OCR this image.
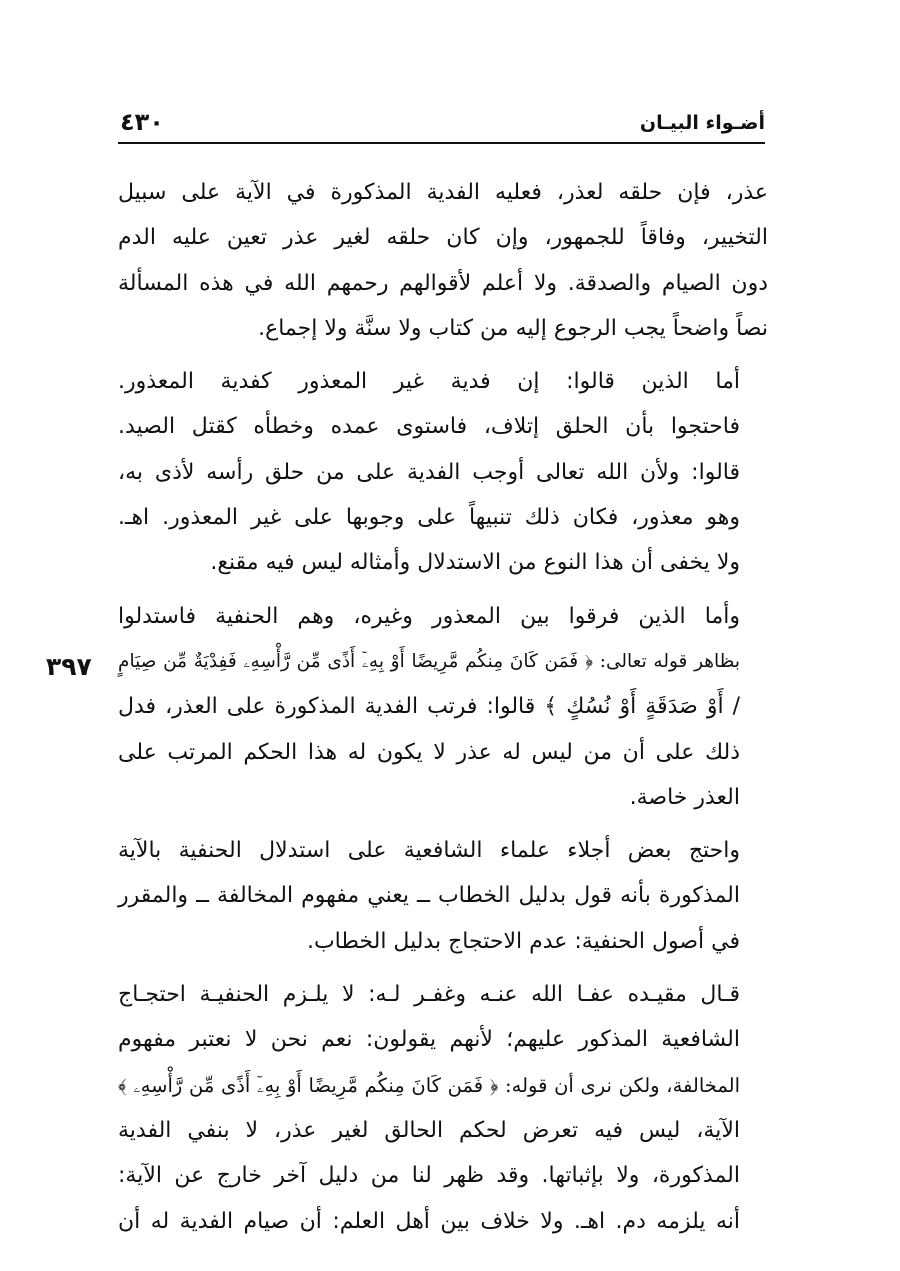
أضـواء البيـان
٤٣٠
٣٩٧

عذر، فإن حلقه لعذر، فعليه الفدية المذكورة في الآية على سبيل
التخيير، وفاقاً للجمهور، وإن كان حلقه لغير عذر تعين عليه الدم
دون الصيام والصدقة. ولا أعلم لأقوالهم رحمهم الله في هذه المسألة
نصاً واضحاً يجب الرجوع إليه من كتاب ولا سنَّة ولا إجماع.

أما الذين قالوا: إن فدية غير المعذور كفدية المعذور.
فاحتجوا بأن الحلق إتلاف، فاستوى عمده وخطأه كقتل الصيد.
قالوا: ولأن الله تعالى أوجب الفدية على من حلق رأسه لأذى به،
وهو معذور، فكان ذلك تنبيهاً على وجوبها على غير المعذور. اهـ.
ولا يخفى أن هذا النوع من الاستدلال وأمثاله ليس فيه مقنع.

وأما الذين فرقوا بين المعذور وغيره، وهم الحنفية فاستدلوا
بظاهر قوله تعالى: ﴿ فَمَن كَانَ مِنكُم مَّرِيضًا أَوْ بِهِۦٓ أَذًى مِّن رَّأْسِهِۦ فَفِدْيَةٌ مِّن صِيَامٍ
/ أَوْ صَدَقَةٍ أَوْ نُسُكٍ ﴾ قالوا: فرتب الفدية المذكورة على العذر، فدل
ذلك على أن من ليس له عذر لا يكون له هذا الحكم المرتب على
العذر خاصة.

واحتج بعض أجلاء علماء الشافعية على استدلال الحنفية بالآية
المذكورة بأنه قول بدليل الخطاب ــ يعني مفهوم المخالفة ــ والمقرر
في أصول الحنفية: عدم الاحتجاج بدليل الخطاب.

قـال مقيـده عفـا الله عنـه وغفـر لـه: لا يلـزم الحنفيـة احتجـاج
الشافعية المذكور عليهم؛ لأنهم يقولون: نعم نحن لا نعتبر مفهوم
المخالفة، ولكن نرى أن قوله: ﴿ فَمَن كَانَ مِنكُم مَّرِيضًا أَوْ بِهِۦٓ أَذًى مِّن رَّأْسِهِۦ ﴾
الآية، ليس فيه تعرض لحكم الحالق لغير عذر، لا بنفي الفدية
المذكورة، ولا بإثباتها. وقد ظهر لنا من دليل آخر خارج عن الآية:
أنه يلزمه دم. اهـ. ولا خلاف بين أهل العلم: أن صيام الفدية له أن
